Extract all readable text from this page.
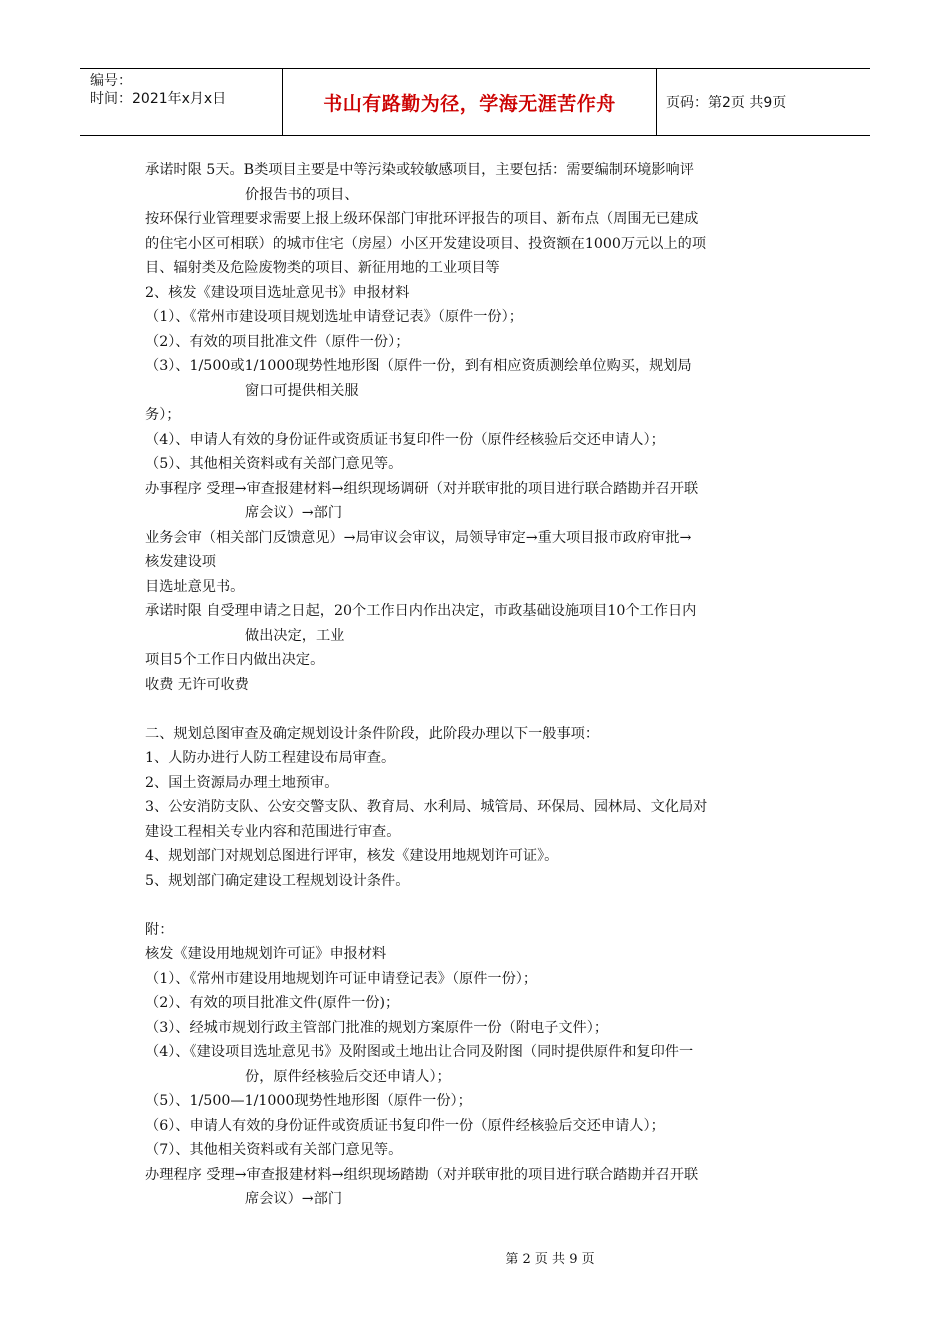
编号：
时间：2021年x月x日	书山有路勤为径，学海无涯苦作舟	页码：第2页 共9页
承诺时限 5天。B类项目主要是中等污染或较敏感项目，主要包括：需要编制环境影响评
价报告书的项目、
按环保行业管理要求需要上报上级环保部门审批环评报告的项目、新布点（周围无已建成
的住宅小区可相联）的城市住宅（房屋）小区开发建设项目、投资额在1000万元以上的项
目、辐射类及危险废物类的项目、新征用地的工业项目等
2、核发《建设项目选址意见书》申报材料
（1）、《常州市建设项目规划选址申请登记表》（原件一份）；
（2）、有效的项目批准文件（原件一份）；
（3）、1/500或1/1000现势性地形图（原件一份，到有相应资质测绘单位购买，规划局
窗口可提供相关服
务）；
（4）、申请人有效的身份证件或资质证书复印件一份（原件经核验后交还申请人）；
（5）、其他相关资料或有关部门意见等。
办事程序 受理→审查报建材料→组织现场调研（对并联审批的项目进行联合踏勘并召开联
席会议）→部门
业务会审（相关部门反馈意见）→局审议会审议，局领导审定→重大项目报市政府审批→
核发建设项
目选址意见书。
承诺时限 自受理申请之日起，20个工作日内作出决定，市政基础设施项目10个工作日内
做出决定，工业
项目5个工作日内做出决定。
收费 无许可收费
二、规划总图审查及确定规划设计条件阶段，此阶段办理以下一般事项：
1、人防办进行人防工程建设布局审查。
2、国土资源局办理土地预审。
3、公安消防支队、公安交警支队、教育局、水利局、城管局、环保局、园林局、文化局对
建设工程相关专业内容和范围进行审查。
4、规划部门对规划总图进行评审，核发《建设用地规划许可证》。
5、规划部门确定建设工程规划设计条件。
附：
核发《建设用地规划许可证》申报材料
（1）、《常州市建设用地规划许可证申请登记表》（原件一份）；
（2）、有效的项目批准文件(原件一份)；
（3）、经城市规划行政主管部门批准的规划方案原件一份（附电子文件）；
（4）、《建设项目选址意见书》及附图或土地出让合同及附图（同时提供原件和复印件一
份，原件经核验后交还申请人）；
（5）、1/500—1/1000现势性地形图（原件一份）；
（6）、申请人有效的身份证件或资质证书复印件一份（原件经核验后交还申请人）；
（7）、其他相关资料或有关部门意见等。
办理程序 受理→审查报建材料→组织现场踏勘（对并联审批的项目进行联合踏勘并召开联
席会议）→部门
第 2 页 共 9 页
